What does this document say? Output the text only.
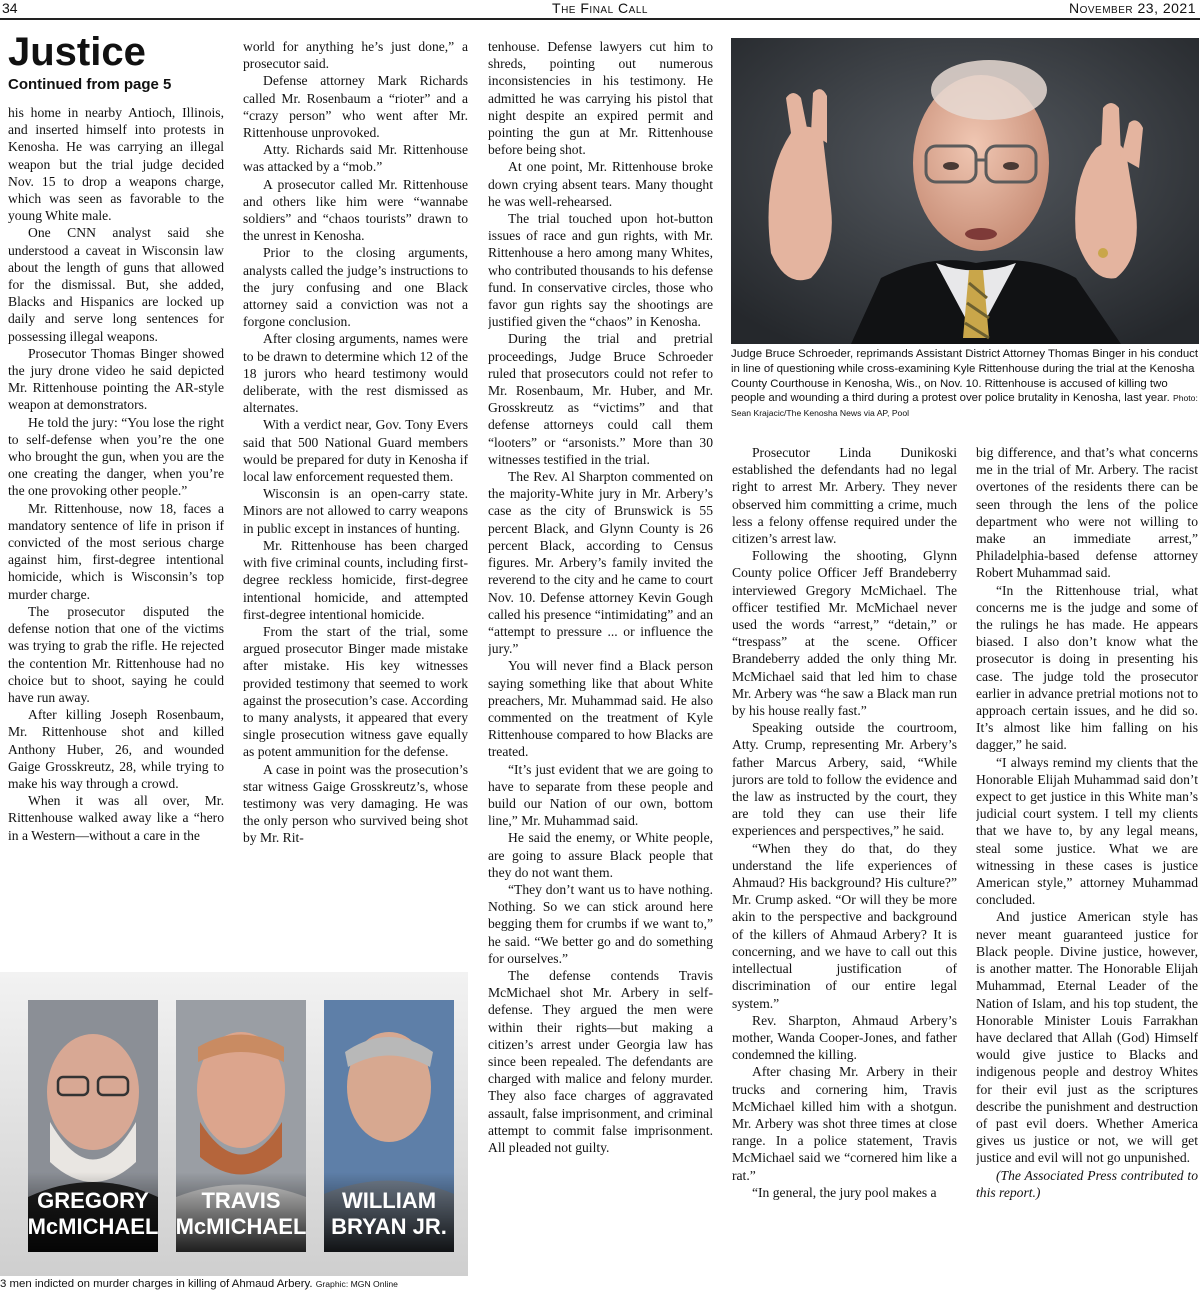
34	The Final Call	November 23, 2021
Justice
Continued from page 5

his home in nearby Antioch, Illinois, and inserted himself into protests in Kenosha. He was carrying an illegal weapon but the trial judge decided Nov. 15 to drop a weapons charge, which was seen as favorable to the young White male.

One CNN analyst said she understood a caveat in Wisconsin law about the length of guns that allowed for the dismissal. But, she added, Blacks and Hispanics are locked up daily and serve long sentences for possessing illegal weapons.

Prosecutor Thomas Binger showed the jury drone video he said depicted Mr. Rittenhouse pointing the AR-style weapon at demonstrators.

He told the jury: “You lose the right to self-defense when you’re the one who brought the gun, when you are the one creating the danger, when you’re the one provoking other people.”

Mr. Rittenhouse, now 18, faces a mandatory sentence of life in prison if convicted of the most serious charge against him, first-degree intentional homicide, which is Wisconsin’s top murder charge.

The prosecutor disputed the defense notion that one of the victims was trying to grab the rifle. He rejected the contention Mr. Rittenhouse had no choice but to shoot, saying he could have run away.

After killing Joseph Rosenbaum, Mr. Rittenhouse shot and killed Anthony Huber, 26, and wounded Gaige Grosskreutz, 28, while trying to make his way through a crowd.

When it was all over, Mr. Rittenhouse walked away like a “hero in a Western—without a care in the

world for anything he’s just done,” a prosecutor said.

Defense attorney Mark Richards called Mr. Rosenbaum a “rioter” and a “crazy person” who went after Mr. Rittenhouse unprovoked.

Atty. Richards said Mr. Rittenhouse was attacked by a “mob.”

A prosecutor called Mr. Rittenhouse and others like him were “wannabe soldiers” and “chaos tourists” drawn to the unrest in Kenosha.

Prior to the closing arguments, analysts called the judge’s instructions to the jury confusing and one Black attorney said a conviction was not a forgone conclusion.

After closing arguments, names were to be drawn to determine which 12 of the 18 jurors who heard testimony would deliberate, with the rest dismissed as alternates.

With a verdict near, Gov. Tony Evers said that 500 National Guard members would be prepared for duty in Kenosha if local law enforcement requested them.

Wisconsin is an open-carry state. Minors are not allowed to carry weapons in public except in instances of hunting.

Mr. Rittenhouse has been charged with five criminal counts, including first-degree reckless homicide, first-degree intentional homicide, and attempted first-degree intentional homicide.

From the start of the trial, some argued prosecutor Binger made mistake after mistake. His key witnesses provided testimony that seemed to work against the prosecution’s case. According to many analysts, it appeared that every single prosecution witness gave equally as potent ammunition for the defense.

A case in point was the prosecution’s star witness Gaige Grosskreutz’s, whose testimony was very damaging. He was the only person who survived being shot by Mr. Rit-

tenhouse. Defense lawyers cut him to shreds, pointing out numerous inconsistencies in his testimony. He admitted he was carrying his pistol that night despite an expired permit and pointing the gun at Mr. Rittenhouse before being shot.

At one point, Mr. Rittenhouse broke down crying absent tears. Many thought he was well-rehearsed.

The trial touched upon hot-button issues of race and gun rights, with Mr. Rittenhouse a hero among many Whites, who contributed thousands to his defense fund. In conservative circles, those who favor gun rights say the shootings are justified given the “chaos” in Kenosha.

During the trial and pretrial proceedings, Judge Bruce Schroeder ruled that prosecutors could not refer to Mr. Rosenbaum, Mr. Huber, and Mr. Grosskreutz as “victims” and that defense attorneys could call them “looters” or “arsonists.” More than 30 witnesses testified in the trial.

The Rev. Al Sharpton commented on the majority-White jury in Mr. Arbery’s case as the city of Brunswick is 55 percent Black, and Glynn County is 26 percent Black, according to Census figures. Mr. Arbery’s family invited the reverend to the city and he came to court Nov. 10. Defense attorney Kevin Gough called his presence “intimidating” and an “attempt to pressure ... or influence the jury.”

You will never find a Black person saying something like that about White preachers, Mr. Muhammad said. He also commented on the treatment of Kyle Rittenhouse compared to how Blacks are treated.

“It’s just evident that we are going to have to separate from these people and build our Nation of our own, bottom line,” Mr. Muhammad said.

He said the enemy, or White people, are going to assure Black people that they do not want them.

“They don’t want us to have nothing. Nothing. So we can stick around here begging them for crumbs if we want to,” he said. “We better go and do something for ourselves.”

The defense contends Travis McMichael shot Mr. Arbery in self-defense. They argued the men were within their rights—but making a citizen’s arrest under Georgia law has since been repealed. The defendants are charged with malice and felony murder. They also face charges of aggravated assault, false imprisonment, and criminal attempt to commit false imprisonment. All pleaded not guilty.

Prosecutor Linda Dunikoski established the defendants had no legal right to arrest Mr. Arbery. They never observed him committing a crime, much less a felony offense required under the citizen’s arrest law.

Following the shooting, Glynn County police Officer Jeff Brandeberry interviewed Gregory McMichael. The officer testified Mr. McMichael never used the words “arrest,” “detain,” or “trespass” at the scene. Officer Brandeberry added the only thing Mr. McMichael said that led him to chase Mr. Arbery was “he saw a Black man run by his house really fast.”

Speaking outside the courtroom, Atty. Crump, representing Mr. Arbery’s father Marcus Arbery, said, “While jurors are told to follow the evidence and the law as instructed by the court, they are told they can use their life experiences and perspectives,” he said.

“When they do that, do they understand the life experiences of Ahmaud? His background? His culture?” Mr. Crump asked. “Or will they be more akin to the perspective and background of the killers of Ahmaud Arbery? It is concerning, and we have to call out this intellectual justification of discrimination of our entire legal system.”

Rev. Sharpton, Ahmaud Arbery’s mother, Wanda Cooper-Jones, and father condemned the killing.

After chasing Mr. Arbery in their trucks and cornering him, Travis McMichael killed him with a shotgun. Mr. Arbery was shot three times at close range. In a police statement, Travis McMichael said we “cornered him like a rat.”

“In general, the jury pool makes a

big difference, and that’s what concerns me in the trial of Mr. Arbery. The racist overtones of the residents there can be seen through the lens of the police department who were not willing to make an immediate arrest,” Philadelphia-based defense attorney Robert Muhammad said.

“In the Rittenhouse trial, what concerns me is the judge and some of the rulings he has made. He appears biased. I also don’t know what the prosecutor is doing in presenting his case. The judge told the prosecutor earlier in advance pretrial motions not to approach certain issues, and he did so. It’s almost like him falling on his dagger,” he said.

“I always remind my clients that the Honorable Elijah Muhammad said don’t expect to get justice in this White man’s judicial court system. I tell my clients that we have to, by any legal means, steal some justice. What we are witnessing in these cases is justice American style,” attorney Muhammad concluded.

And justice American style has never meant guaranteed justice for Black people. Divine justice, however, is another matter. The Honorable Elijah Muhammad, Eternal Leader of the Nation of Islam, and his top student, the Honorable Minister Louis Farrakhan have declared that Allah (God) Himself would give justice to Blacks and indigenous people and destroy Whites for their evil just as the scriptures describe the punishment and destruction of past evil doers. Whether America gives us justice or not, we will get justice and evil will not go unpunished.

(The Associated Press contributed to this report.)

Judge Bruce Schroeder, reprimands Assistant District Attorney Thomas Binger in his conduct in line of questioning while cross-examining Kyle Rittenhouse during the trial at the Kenosha County Courthouse in Kenosha, Wis., on Nov. 10. Rittenhouse is accused of killing two people and wounding a third during a protest over police brutality in Kenosha, last year. Photo: Sean Krajacic/The Kenosha News via AP, Pool
GREGORY
McMICHAEL
TRAVIS
McMICHAEL
WILLIAM
BRYAN JR.
3 men indicted on murder charges in killing of Ahmaud Arbery. Graphic: MGN Online
